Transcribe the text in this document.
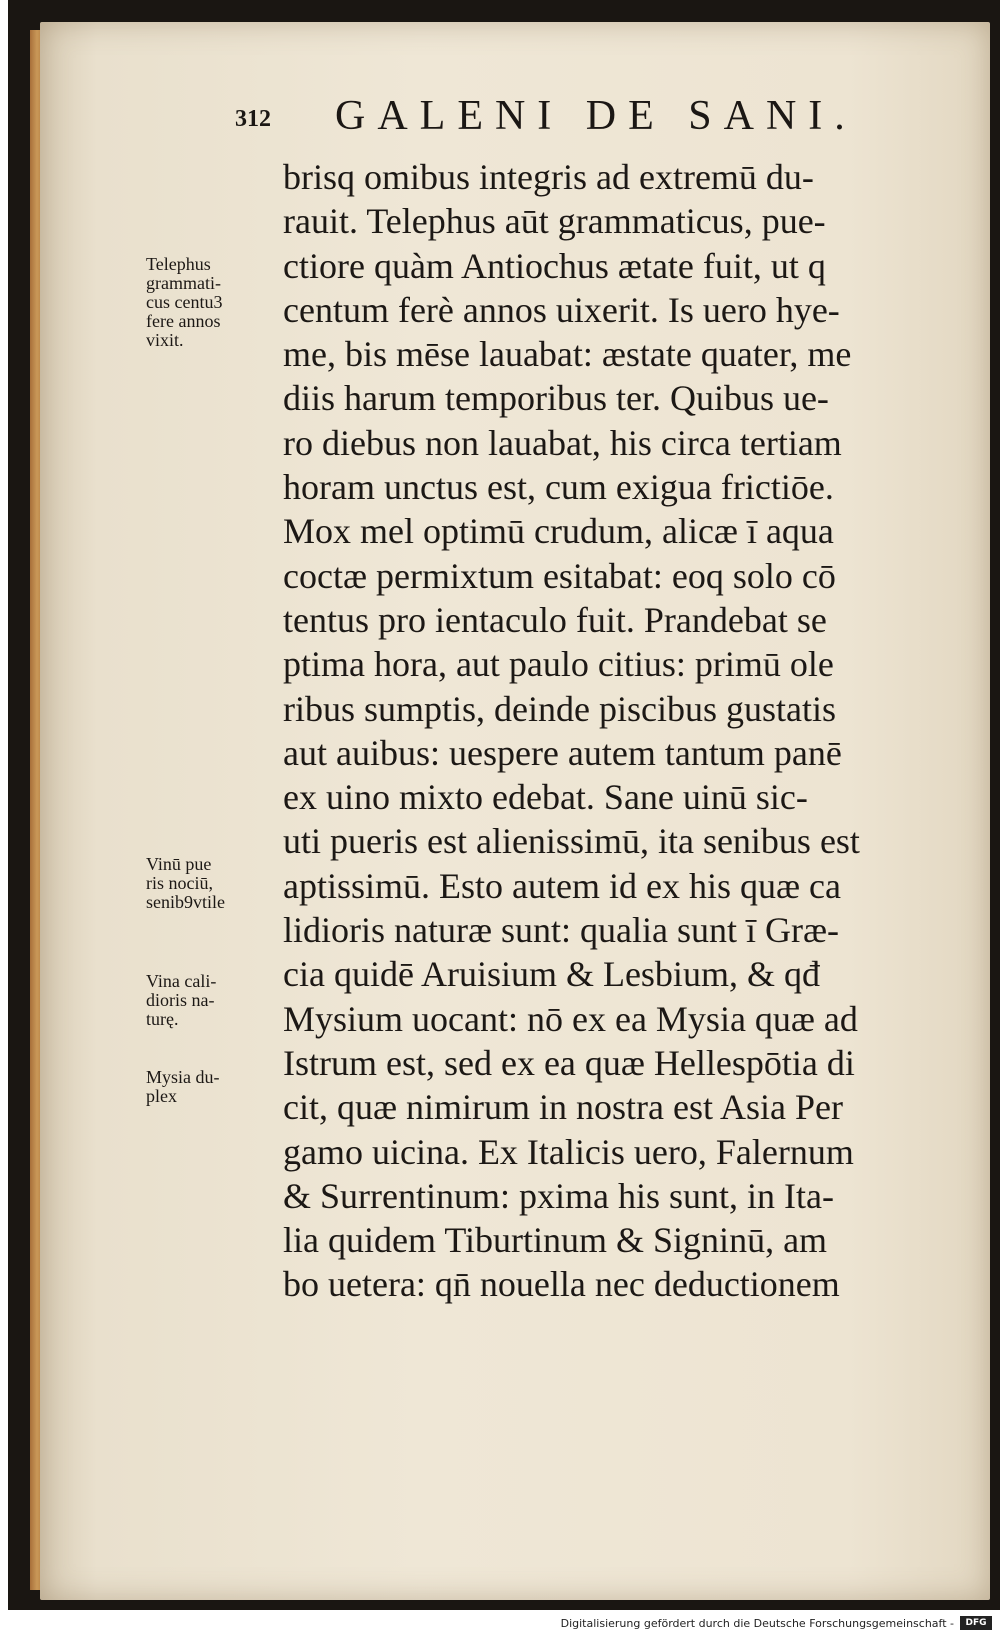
312 GALENI DE SANI.
brisq omibus integris ad extremū du-
rauit. Telephus aūt grammaticus, pue-
ctiore quàm Antiochus ætate fuit, ut q
centum ferè annos uixerit. Is uero hye-
me, bis mēse lauabat: æstate quater, me
diis harum temporibus ter. Quibus ue-
ro diebus non lauabat, his circa tertiam
horam unctus est, cum exigua frictiōe.
Mox mel optimū crudum, alicæ ī aqua
coctæ permixtum esitabat: eoq solo cō
tentus pro ientaculo fuit. Prandebat se
ptima hora, aut paulo citius: primū ole
ribus sumptis, deinde piscibus gustatis
aut auibus: uespere autem tantum panē
ex uino mixto edebat. Sane uinū sic-
uti pueris est alienissimū, ita senibus est
aptissimū. Esto autem id ex his quæ ca
lidioris naturæ sunt: qualia sunt ī Græ-
cia quidē Aruisium & Lesbium, & qđ
Mysium uocant: nō ex ea Mysia quæ ad
Istrum est, sed ex ea quæ Hellespōtia di
cit, quæ nimirum in nostra est Asia Per
gamo uicina. Ex Italicis uero, Falernum
& Surrentinum: pxima his sunt, in Ita-
lia quidem Tiburtinum & Signinū, am
bo uetera: qn̄ nouella nec deductionem
Telephus
grammati-
cus centu3
fere annos
vixit.
Vinū pue
ris nociū,
senib9vtile
Vina cali-
dioris na-
turę.
Mysia du-
plex
Digitalisierung gefördert durch die Deutsche Forschungsgemeinschaft -	DFG
